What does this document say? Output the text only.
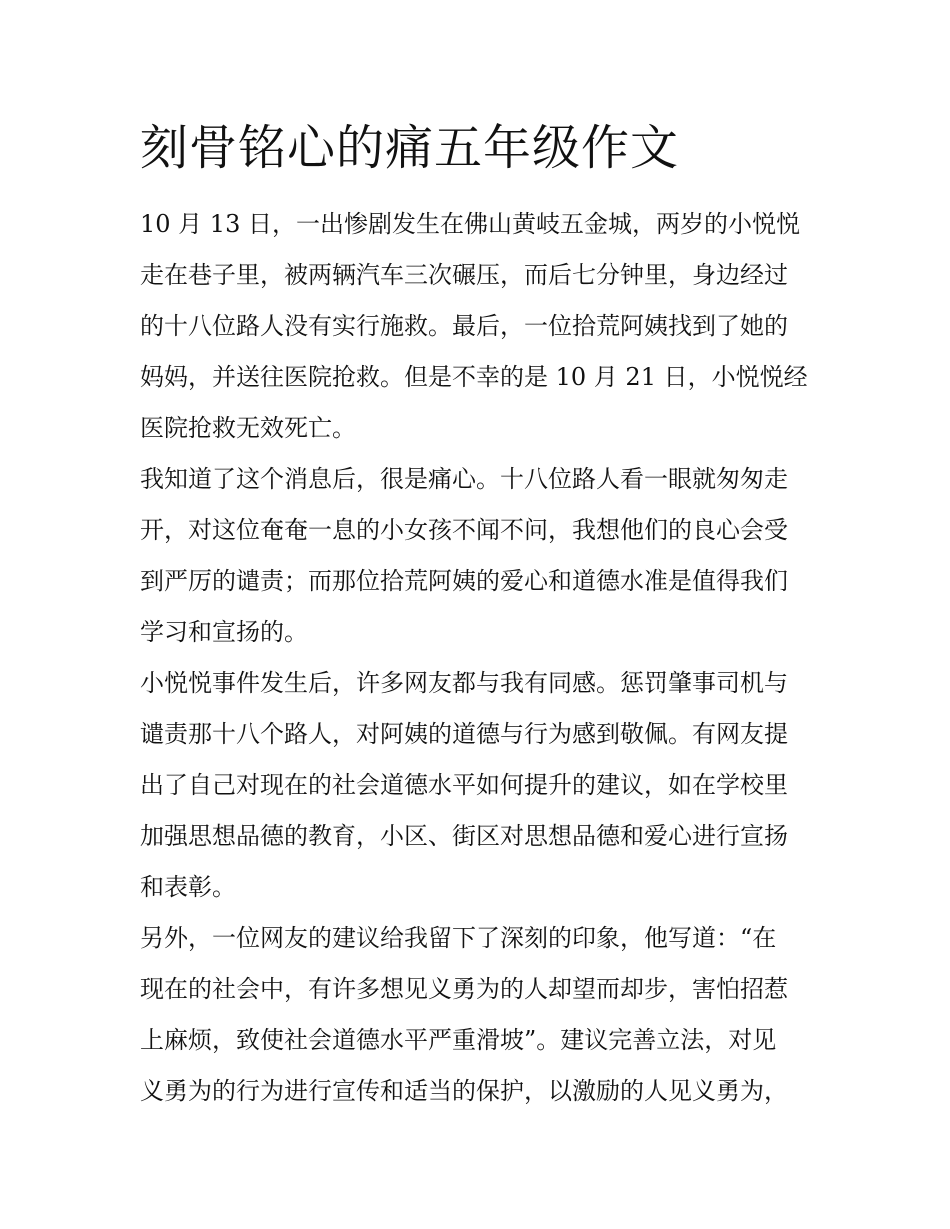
刻骨铭心的痛五年级作文
10 月 13 日，一出惨剧发生在佛山黄岐五金城，两岁的小悦悦
走在巷子里，被两辆汽车三次碾压，而后七分钟里，身边经过
的十八位路人没有实行施救。最后，一位拾荒阿姨找到了她的
妈妈，并送往医院抢救。但是不幸的是 10 月 21 日，小悦悦经
医院抢救无效死亡。
我知道了这个消息后，很是痛心。十八位路人看一眼就匆匆走
开，对这位奄奄一息的小女孩不闻不问，我想他们的良心会受
到严厉的谴责；而那位拾荒阿姨的爱心和道德水准是值得我们
学习和宣扬的。
小悦悦事件发生后，许多网友都与我有同感。惩罚肇事司机与
谴责那十八个路人，对阿姨的道德与行为感到敬佩。有网友提
出了自己对现在的社会道德水平如何提升的建议，如在学校里
加强思想品德的教育，小区、街区对思想品德和爱心进行宣扬
和表彰。
另外，一位网友的建议给我留下了深刻的印象，他写道：“在
现在的社会中，有许多想见义勇为的人却望而却步，害怕招惹
上麻烦，致使社会道德水平严重滑坡”。建议完善立法，对见
义勇为的行为进行宣传和适当的保护，以激励的人见义勇为，
